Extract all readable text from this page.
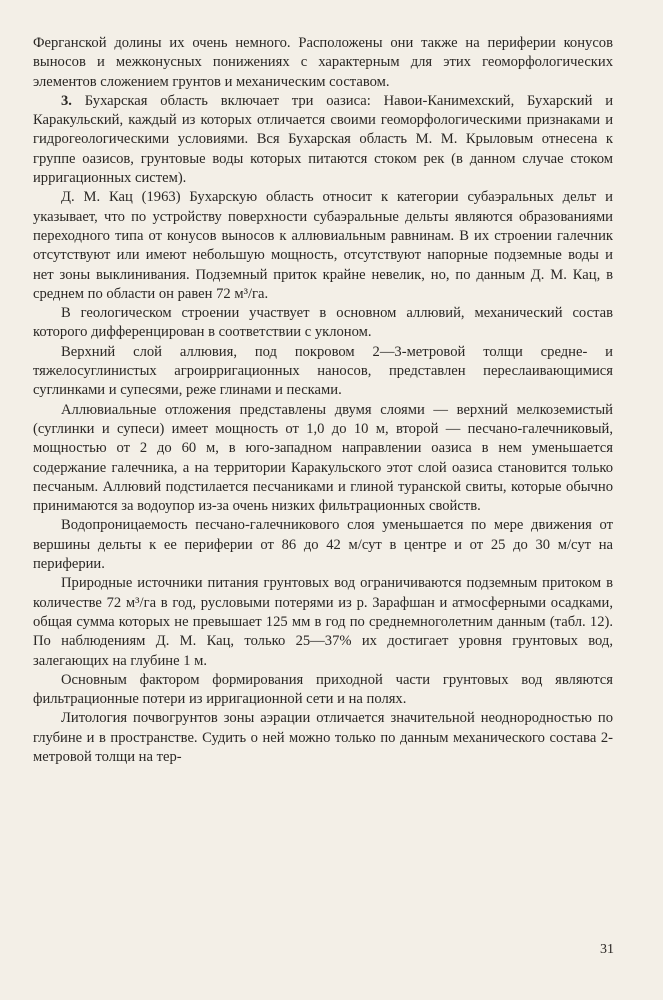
Ферганской долины их очень немного. Расположены они также на периферии конусов выносов и межконусных понижениях с характерным для этих геоморфологических элементов сложением грунтов и механическим составом.

3. Бухарская область включает три оазиса: Навои-Канимехский, Бухарский и Каракульский, каждый из которых отличается своими геоморфологическими признаками и гидрогеологическими условиями. Вся Бухарская область М. М. Крыловым отнесена к группе оазисов, грунтовые воды которых питаются стоком рек (в данном случае стоком ирригационных систем).

Д. М. Кац (1963) Бухарскую область относит к категории субаэральных дельт и указывает, что по устройству поверхности субаэральные дельты являются образованиями переходного типа от конусов выносов к аллювиальным равнинам. В их строении галечник отсутствуют или имеют небольшую мощность, отсутствуют напорные подземные воды и нет зоны выклинивания. Подземный приток крайне невелик, но, по данным Д. М. Кац, в среднем по области он равен 72 м³/га.

В геологическом строении участвует в основном аллювий, механический состав которого дифференцирован в соответствии с уклоном.

Верхний слой аллювия, под покровом 2—3-метровой толщи средне- и тяжелосуглинистых агроирригационных наносов, представлен переслаивающимися суглинками и супесями, реже глинами и песками.

Аллювиальные отложения представлены двумя слоями — верхний мелкоземистый (суглинки и супеси) имеет мощность от 1,0 до 10 м, второй — песчано-галечниковый, мощностью от 2 до 60 м, в юго-западном направлении оазиса в нем уменьшается содержание галечника, а на территории Каракульского этот слой оазиса становится только песчаным. Аллювий подстилается песчаниками и глиной туранской свиты, которые обычно принимаются за водоупор из-за очень низких фильтрационных свойств.

Водопроницаемость песчано-галечникового слоя уменьшается по мере движения от вершины дельты к ее периферии от 86 до 42 м/сут в центре и от 25 до 30 м/сут на периферии.

Природные источники питания грунтовых вод ограничиваются подземным притоком в количестве 72 м³/га в год, русловыми потерями из р. Зарафшан и атмосферными осадками, общая сумма которых не превышает 125 мм в год по среднемноголетним данным (табл. 12). По наблюдениям Д. М. Кац, только 25—37% их достигает уровня грунтовых вод, залегающих на глубине 1 м.

Основным фактором формирования приходной части грунтовых вод являются фильтрационные потери из ирригационной сети и на полях.

Литология почвогрунтов зоны аэрации отличается значительной неоднородностью по глубине и в пространстве. Судить о ней можно только по данным механического состава 2-метровой толщи на тер-

31
